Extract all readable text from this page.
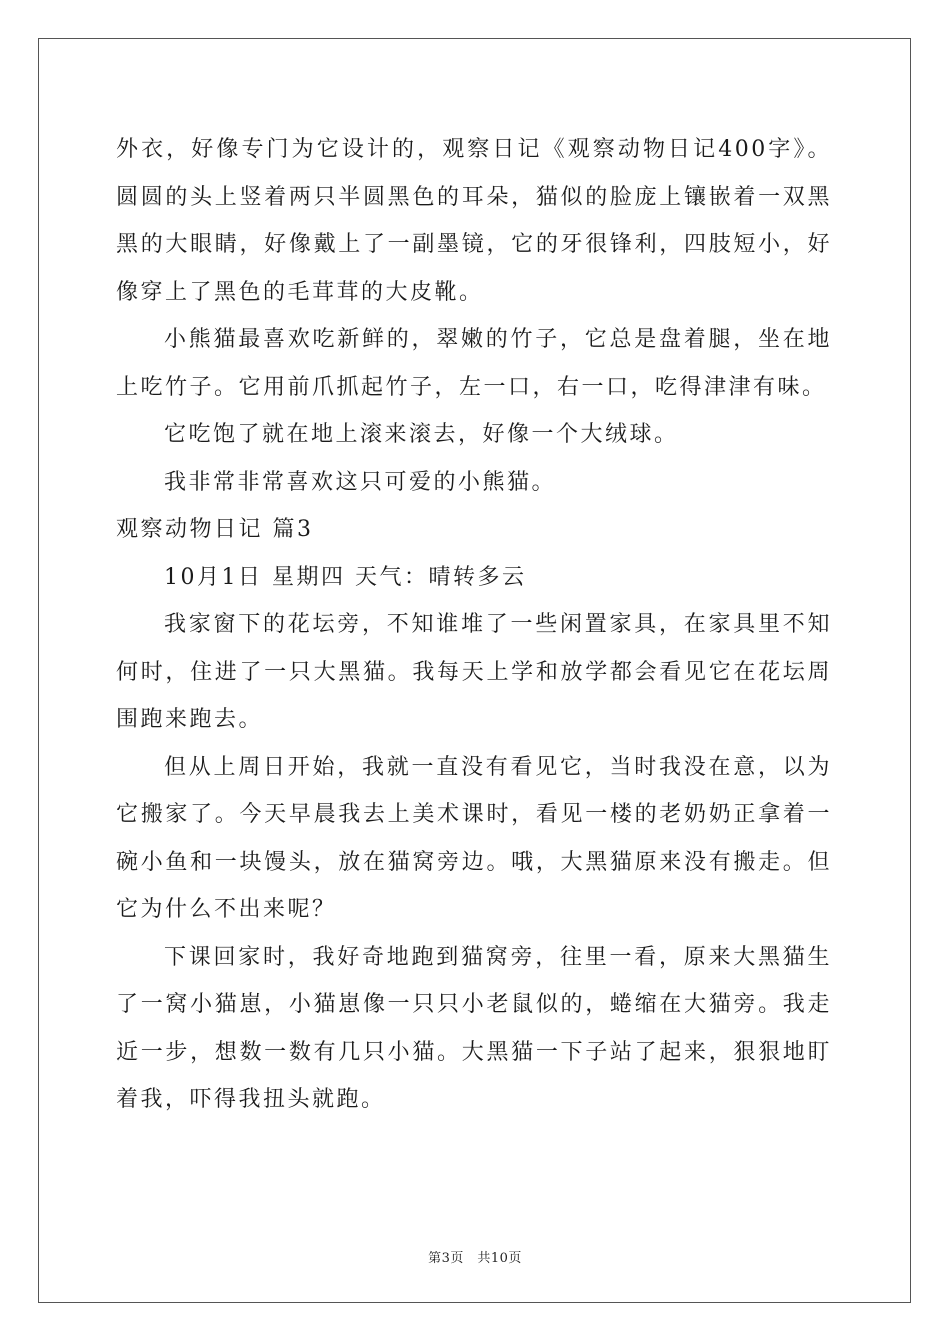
外衣，好像专门为它设计的，观察日记《观察动物日记400字》。圆圆的头上竖着两只半圆黑色的耳朵，猫似的脸庞上镶嵌着一双黑黑的大眼睛，好像戴上了一副墨镜，它的牙很锋利，四肢短小，好像穿上了黑色的毛茸茸的大皮靴。

小熊猫最喜欢吃新鲜的，翠嫩的竹子，它总是盘着腿，坐在地上吃竹子。它用前爪抓起竹子，左一口，右一口，吃得津津有味。

它吃饱了就在地上滚来滚去，好像一个大绒球。

我非常非常喜欢这只可爱的小熊猫。

观察动物日记 篇3

10月1日 星期四 天气：晴转多云

我家窗下的花坛旁，不知谁堆了一些闲置家具，在家具里不知何时，住进了一只大黑猫。我每天上学和放学都会看见它在花坛周围跑来跑去。

但从上周日开始，我就一直没有看见它，当时我没在意，以为它搬家了。今天早晨我去上美术课时，看见一楼的老奶奶正拿着一碗小鱼和一块馒头，放在猫窝旁边。哦，大黑猫原来没有搬走。但它为什么不出来呢？

下课回家时，我好奇地跑到猫窝旁，往里一看，原来大黑猫生了一窝小猫崽，小猫崽像一只只小老鼠似的，蜷缩在大猫旁。我走近一步，想数一数有几只小猫。大黑猫一下子站了起来，狠狠地盯着我，吓得我扭头就跑。

第3页　共10页
